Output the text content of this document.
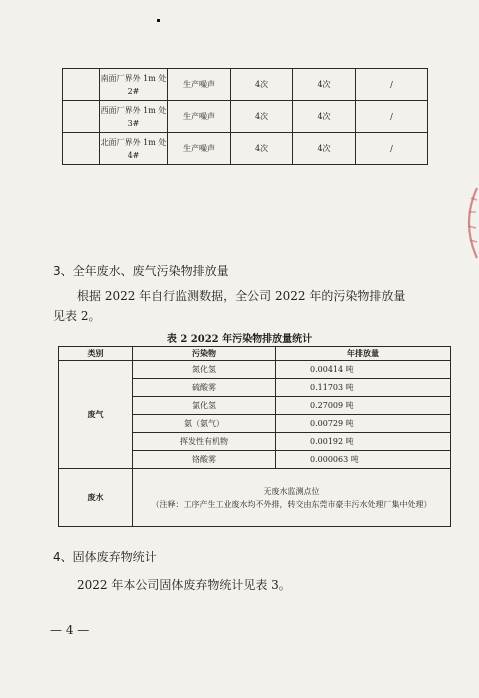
	南面厂界外 1m 处
2#	生产噪声	4次	4次	/
	西面厂界外 1m 处
3#	生产噪声	4次	4次	/
	北面厂界外 1m 处
4#	生产噪声	4次	4次	/
3、全年废水、废气污染物排放量
根据 2022 年自行监测数据，全公司 2022 年的污染物排放量
见表 2。
表 2 2022 年污染物排放量统计
类别	污染物	年排放量
废气	氮化氢	0.00414 吨
	硫酸雾	0.11703 吨
	氯化氢	0.27009 吨
	氨（氨气）	0.00729 吨
	挥发性有机物	0.00192 吨
	铬酸雾	0.000063 吨
废水	无废水监测点位
（注释：工序产生工业废水均不外排，转交由东莞市豪丰污水处理厂集中处理）	
4、固体废弃物统计
2022 年本公司固体废弃物统计见表 3。
— 4 —
